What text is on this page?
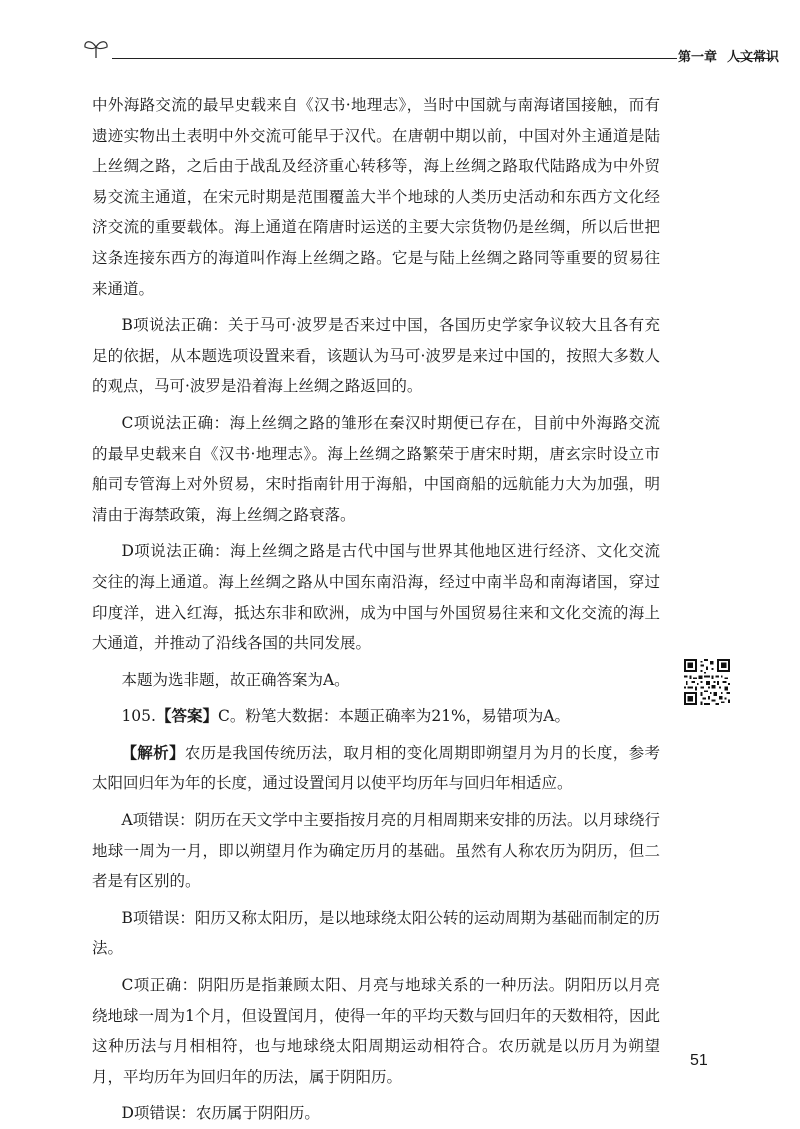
第一章 人文常识

中外海路交流的最早史载来自《汉书·地理志》，当时中国就与南海诸国接触，而有遗迹实物出土表明中外交流可能早于汉代。在唐朝中期以前，中国对外主通道是陆上丝绸之路，之后由于战乱及经济重心转移等，海上丝绸之路取代陆路成为中外贸易交流主通道，在宋元时期是范围覆盖大半个地球的人类历史活动和东西方文化经济交流的重要载体。海上通道在隋唐时运送的主要大宗货物仍是丝绸，所以后世把这条连接东西方的海道叫作海上丝绸之路。它是与陆上丝绸之路同等重要的贸易往来通道。

B项说法正确：关于马可·波罗是否来过中国，各国历史学家争议较大且各有充足的依据，从本题选项设置来看，该题认为马可·波罗是来过中国的，按照大多数人的观点，马可·波罗是沿着海上丝绸之路返回的。

C项说法正确：海上丝绸之路的雏形在秦汉时期便已存在，目前中外海路交流的最早史载来自《汉书·地理志》。海上丝绸之路繁荣于唐宋时期，唐玄宗时设立市舶司专管海上对外贸易，宋时指南针用于海船，中国商船的远航能力大为加强，明清由于海禁政策，海上丝绸之路衰落。

D项说法正确：海上丝绸之路是古代中国与世界其他地区进行经济、文化交流交往的海上通道。海上丝绸之路从中国东南沿海，经过中南半岛和南海诸国，穿过印度洋，进入红海，抵达东非和欧洲，成为中国与外国贸易往来和文化交流的海上大通道，并推动了沿线各国的共同发展。

本题为选非题，故正确答案为A。

105.【答案】C。粉笔大数据：本题正确率为21%，易错项为A。

【解析】农历是我国传统历法，取月相的变化周期即朔望月为月的长度，参考太阳回归年为年的长度，通过设置闰月以使平均历年与回归年相适应。

A项错误：阴历在天文学中主要指按月亮的月相周期来安排的历法。以月球绕行地球一周为一月，即以朔望月作为确定历月的基础。虽然有人称农历为阴历，但二者是有区别的。

B项错误：阳历又称太阳历，是以地球绕太阳公转的运动周期为基础而制定的历法。

C项正确：阴阳历是指兼顾太阳、月亮与地球关系的一种历法。阴阳历以月亮绕地球一周为1个月，但设置闰月，使得一年的平均天数与回归年的天数相符，因此这种历法与月相相符，也与地球绕太阳周期运动相符合。农历就是以历月为朔望月，平均历年为回归年的历法，属于阴阳历。

D项错误：农历属于阴阳历。

51
